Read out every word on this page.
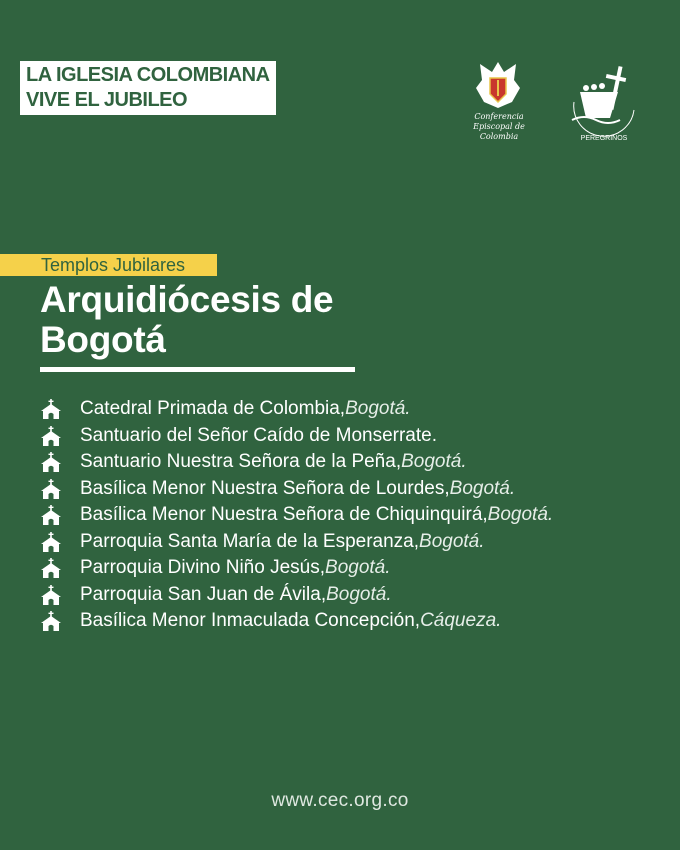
LA IGLESIA COLOMBIANA
VIVE EL JUBILEO
Conferencia Episcopal de Colombia	PEREGRINOS
Templos Jubilares
Arquidiócesis de
Bogotá
Catedral Primada de Colombia, Bogotá.
Santuario del Señor Caído de Monserrate.
Santuario Nuestra Señora de la Peña, Bogotá.
Basílica Menor Nuestra Señora de Lourdes, Bogotá.
Basílica Menor Nuestra Señora de Chiquinquirá, Bogotá.
Parroquia Santa María de la Esperanza, Bogotá.
Parroquia Divino Niño Jesús, Bogotá.
Parroquia San Juan de Ávila, Bogotá.
Basílica Menor Inmaculada Concepción, Cáqueza.
www.cec.org.co
